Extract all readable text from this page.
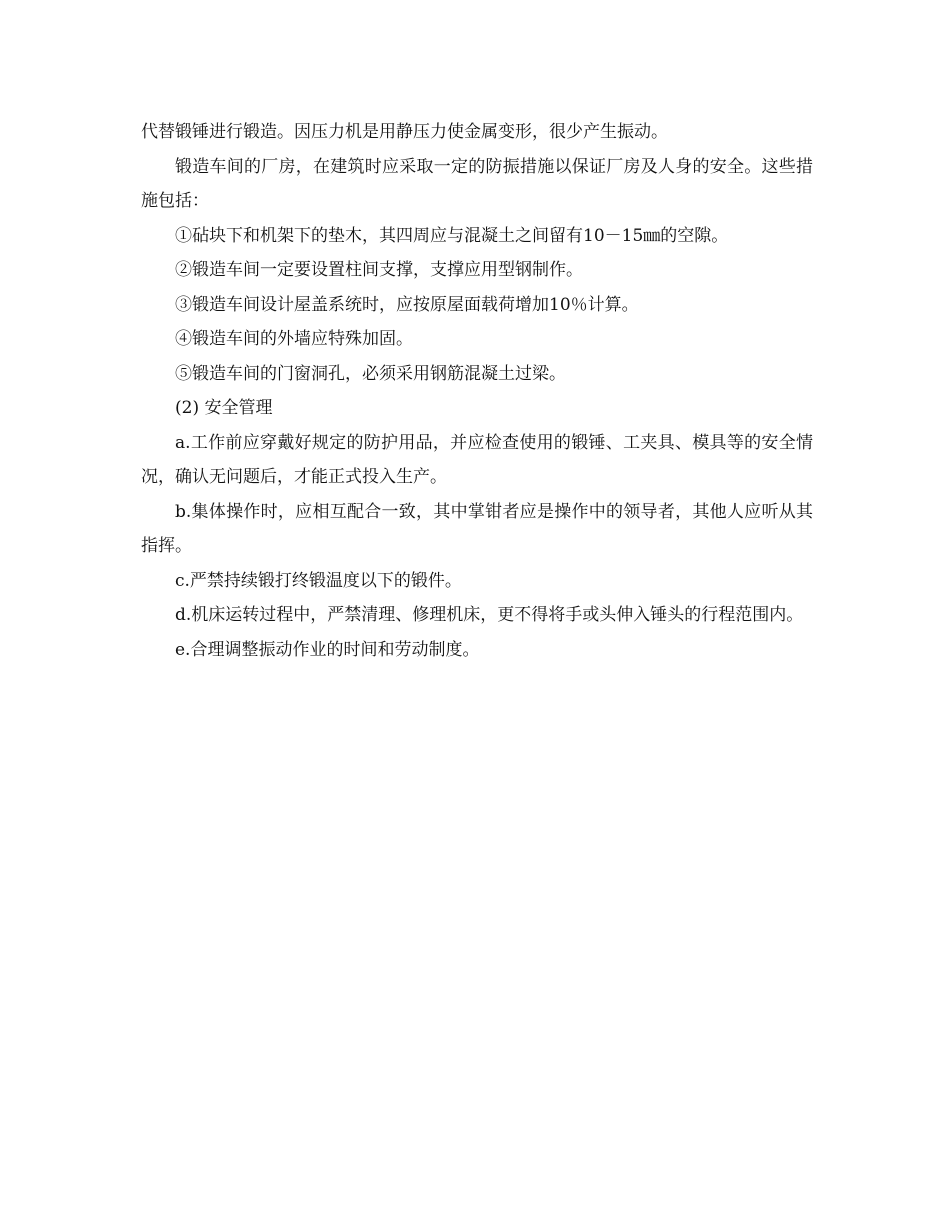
代替锻锤进行锻造。因压力机是用静压力使金属变形，很少产生振动。

锻造车间的厂房，在建筑时应采取一定的防振措施以保证厂房及人身的安全。这些措施包括：

①砧块下和机架下的垫木，其四周应与混凝土之间留有10－15㎜的空隙。

②锻造车间一定要设置柱间支撑，支撑应用型钢制作。

③锻造车间设计屋盖系统时，应按原屋面载荷增加10％计算。

④锻造车间的外墙应特殊加固。

⑤锻造车间的门窗洞孔，必须采用钢筋混凝土过梁。

(2) 安全管理

a.工作前应穿戴好规定的防护用品，并应检查使用的锻锤、工夹具、模具等的安全情况，确认无问题后，才能正式投入生产。

b.集体操作时，应相互配合一致，其中掌钳者应是操作中的领导者，其他人应听从其指挥。

c.严禁持续锻打终锻温度以下的锻件。

d.机床运转过程中，严禁清理、修理机床，更不得将手或头伸入锤头的行程范围内。

e.合理调整振动作业的时间和劳动制度。
